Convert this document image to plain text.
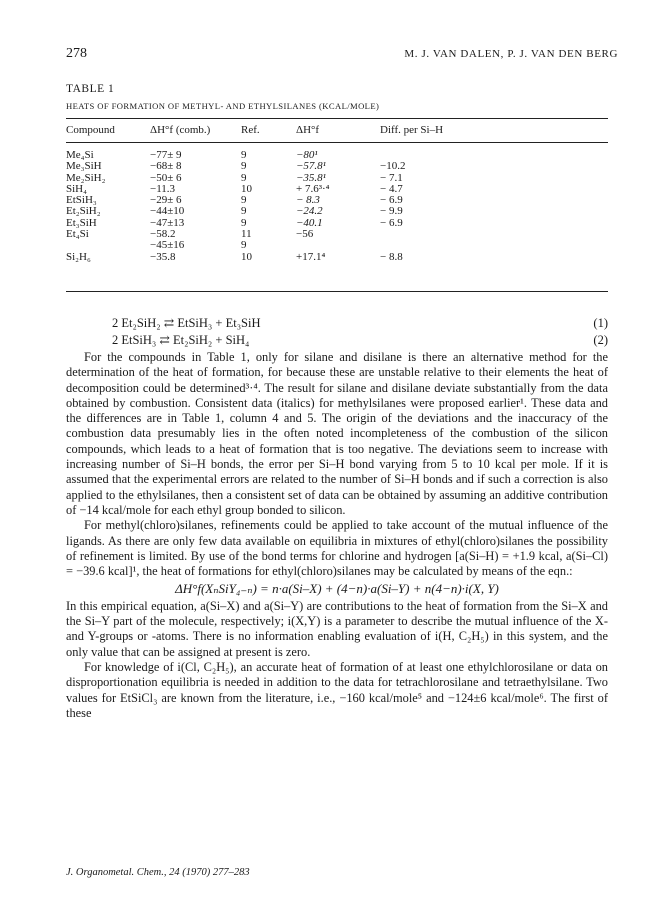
278	M. J. VAN DALEN, P. J. VAN DEN BERG
TABLE 1
HEATS OF FORMATION OF METHYL- AND ETHYLSILANES (KCAL/MOLE)
Compound	ΔH°f (comb.)	Ref.	ΔH°f	Diff. per Si–H
Me₄Si	−77± 9	9	−80¹	
Me₃SiH	−68± 8	9	−57.8¹	−10.2
Me₂SiH₂	−50± 6	9	−35.8¹	− 7.1
SiH₄	−11.3	10	+ 7.6³·⁴	− 4.7
EtSiH₃	−29± 6	9	− 8.3	− 6.9
Et₂SiH₂	−44±10	9	−24.2	− 9.9
Et₃SiH	−47±13	9	−40.1	− 6.9
Et₄Si	−58.2	11	−56	
	−45±16	9		
Si₂H₆	−35.8	10	+17.1⁴	− 8.8
2 Et₂SiH₂ ⇄ EtSiH₃ + Et₃SiH	(1)
2 EtSiH₃ ⇄ Et₂SiH₂ + SiH₄	(2)

For the compounds in Table 1, only for silane and disilane is there an alternative method for the determination of the heat of formation, for because these are unstable relative to their elements the heat of decomposition could be determined³·⁴. The result for silane and disilane deviate substantially from the data obtained by combustion. Consistent data (italics) for methylsilanes were proposed earlier¹. These data and the differences are in Table 1, column 4 and 5. The origin of the deviations and the inaccuracy of the combustion data presumably lies in the often noted incompleteness of the combustion of the silicon compounds, which leads to a heat of formation that is too negative. The deviations seem to increase with increasing number of Si–H bonds, the error per Si–H bond varying from 5 to 10 kcal per mole. If it is assumed that the experimental errors are related to the number of Si–H bonds and if such a correction is also applied to the ethylsilanes, then a consistent set of data can be obtained by assuming an additive contribution of −14 kcal/mole for each ethyl group bonded to silicon.

For methyl(chloro)silanes, refinements could be applied to take account of the mutual influence of the ligands. As there are only few data available on equilibria in mixtures of ethyl(chloro)silanes the possibility of refinement is limited. By use of the bond terms for chlorine and hydrogen [a(Si–H) = +1.9 kcal, a(Si–Cl) = −39.6 kcal]¹, the heat of formations for ethyl(chloro)silanes may be calculated by means of the eqn.:

ΔH°f(XₙSiY₄₋ₙ) = n·a(Si–X) + (4−n)·a(Si–Y) + n(4−n)·i(X, Y)

In this empirical equation, a(Si–X) and a(Si–Y) are contributions to the heat of formation from the Si–X and the Si–Y part of the molecule, respectively; i(X,Y) is a parameter to describe the mutual influence of the X- and Y-groups or -atoms. There is no information enabling evaluation of i(H, C₂H₅) in this system, and the only value that can be assigned at present is zero.

For knowledge of i(Cl, C₂H₅), an accurate heat of formation of at least one ethylchlorosilane or data on disproportionation equilibria is needed in addition to the data for tetrachlorosilane and tetraethylsilane. Two values for EtSiCl₃ are known from the literature, i.e., −160 kcal/mole⁵ and −124±6 kcal/mole⁶. The first of these

J. Organometal. Chem., 24 (1970) 277–283
